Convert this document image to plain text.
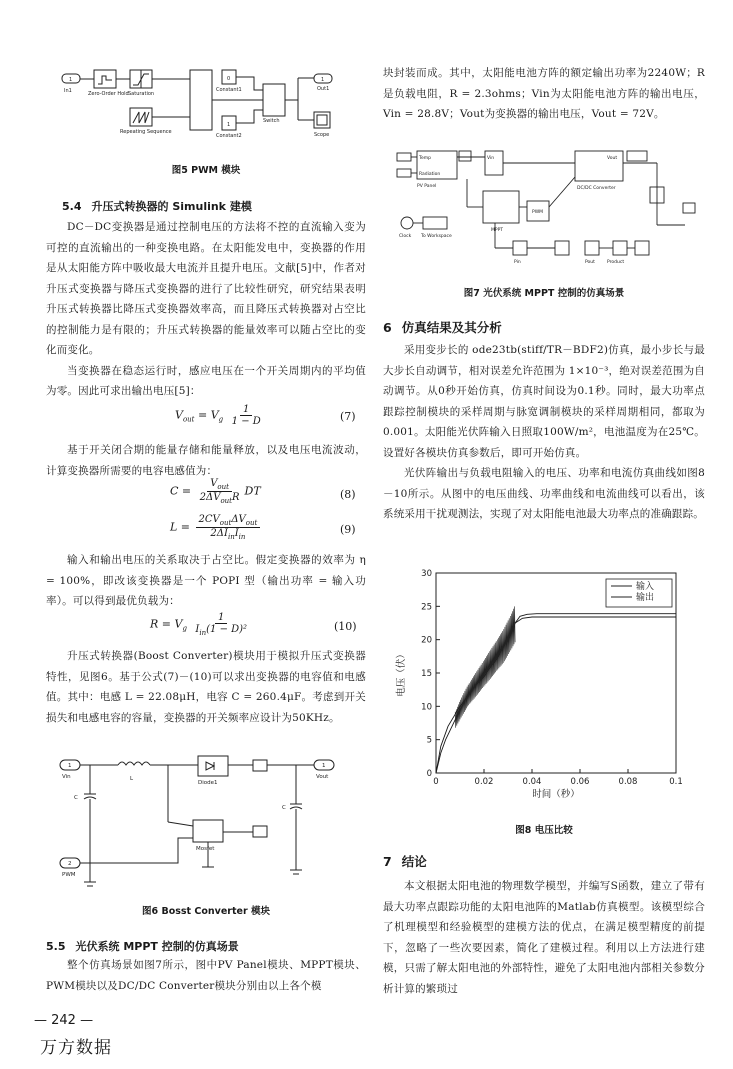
1
In1	Zero-Order Hold Saturation
Repeating Sequence
0
Constant1
1
Constant2
Switch
1
Out1
Scope
图5 PWM 模块
5.4 升压式转换器的 Simulink 建模

DC－DC变换器是通过控制电压的方法将不控的直流输入变为可控的直流输出的一种变换电路。在太阳能发电中，变换器的作用是从太阳能方阵中吸收最大电流并且提升电压。文献[5]中，作者对升压式变换器与降压式变换器的进行了比较性研究，研究结果表明升压式转换器比降压式变换器效率高，而且降压式转换器对占空比的控制能力是有限的；升压式转换器的能量效率可以随占空比的变化而变化。

当变换器在稳态运行时，感应电压在一个开关周期内的平均值为零。因此可求出输出电压[5]：

$V_{out} = V_g \frac{1}{1 - D}$	(7)

基于开关闭合期的能量存储和能量释放，以及电压电流波动，计算变换器所需要的电容电感值为：

$C = \frac{V_{out}}{2\Delta V_{out}R}$ DT	(8)
$L = \frac{2CV_{out}\Delta V_{out}}{2\Delta I_{in}I_{in}}$	(9)

输入和输出电压的关系取决于占空比。假定变换器的效率为 η = 100%，即改该变换器是一个 POPI 型（输出功率 = 输入功率）。可以得到最优负载为：

$R = V_g \frac{1}{I_{in}(1 - D)^2}$	(10)

升压式转换器(Boost Converter)模块用于模拟升压式变换器特性，见图6。基于公式(7)－(10)可以求出变换器的电容值和电感值。其中：电感 L = 22.08μH，电容 C = 260.4μF。考虑到开关损失和电感电容的容量，变换器的开关频率应设计为50KHz。

1
Vin	L
Diode1
1
Vout
C
C
Mosfet
2
PWM
图6 Bosst Converter 模块
5.5 光伏系统 MPPT 控制的仿真场景

整个仿真场景如图7所示，图中PV Panel模块、MPPT模块、PWM模块以及DC/DC Converter模块分别由以上各个模

— 242 —
万方数据

块封装而成。其中，太阳能电池方阵的额定输出功率为2240W；R是负载电阻，R = 2.3ohms；Vin为太阳能电池方阵的输出电压，Vin = 28.8V；Vout为变换器的输出电压，Vout = 72V。

PV Panel
Temp
Radiation
Vin	Vout
DC/DC Converter
PWM
MPPT
Clock To Workspace
Pin	Pout	Product
图7 光伏系统 MPPT 控制的仿真场景
6 仿真结果及其分析

采用变步长的 ode23tb(stiff/TR－BDF2)仿真，最小步长与最大步长自动调节，相对误差允许范围为 1×10⁻³，绝对误差范围为自动调节。从0秒开始仿真，仿真时间设为0.1秒。同时，最大功率点跟踪控制模块的采样周期与脉宽调制模块的采样周期相同，都取为0.001。太阳能光伏阵输入日照取100W/m²，电池温度为在25℃。设置好各模块仿真参数后，即可开始仿真。

光伏阵输出与负载电阻输入的电压、功率和电流仿真曲线如图8－10所示。从图中的电压曲线、功率曲线和电流曲线可以看出，该系统采用干扰观测法，实现了对太阳能电池最大功率点的准确跟踪。

0	0.02	0.04	0.06	0.08	0.1
0
5
10
15
20
25
30
时间（秒）
电压（伏）
输入
输出
图8 电压比较
7 结论

本文根据太阳电池的物理数学模型，并编写S函数，建立了带有最大功率点跟踪功能的太阳电池阵的Matlab仿真模型。该模型综合了机理模型和经验模型的建模方法的优点，在满足模型精度的前提下，忽略了一些次要因素，简化了建模过程。利用以上方法进行建模，只需了解太阳电池的外部特性，避免了太阳电池内部相关参数分析计算的繁琐过
